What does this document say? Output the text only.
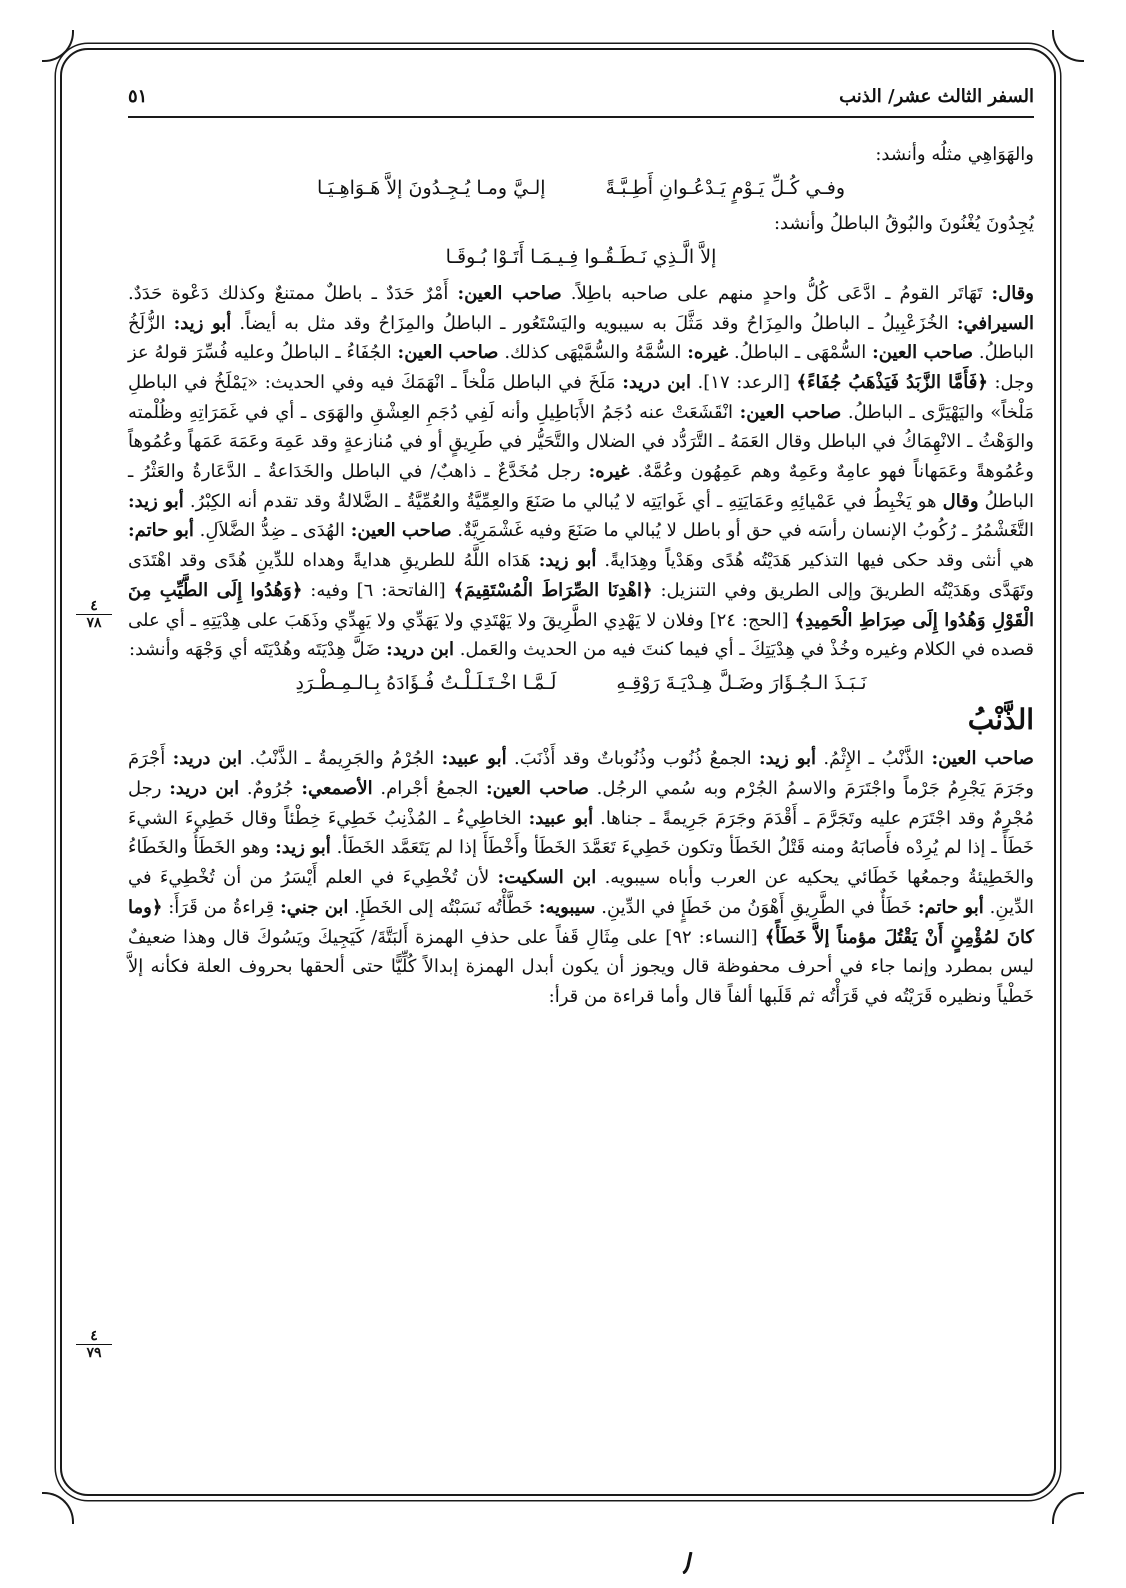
السفر الثالث عشر/ الذنب
٥١
٤
٧٨
٤
٧٩

والهَوَاهِي مثلُه وأنشد:

وفـي كُـلِّ يَـوْمٍ يَـدْعُـوانِ أَطِـبَّـةً
إلـيَّ ومـا يُـجِـدُونَ إلاَّ هَـوَاهِـيَـا

يُجِدُونَ يُغْنُونَ والبُوقُ الباطلُ وأنشد:

إلاَّ الَّـذِي نَـطَـقُـوا فِـيـمَـا أَتَـوْا بُـوقَـا

وقال: تَهَاتَر القومُ ـ ادَّعَى كُلُّ واحدٍ منهم على صاحبه باطِلاً. صاحب العين: أَمْرٌ حَدَدٌ ـ باطلٌ ممتنعٌ وكذلك دَعْوة حَدَدٌ. السيرافي: الخُزَعْبِيلُ ـ الباطلُ والمِزَاحُ وقد مَثَّلَ به سيبويه واليَسْتَعُور ـ الباطلُ والمِزَاحُ وقد مثل به أيضاً. أبو زيد: الزُّلَخُ الباطلُ. صاحب العين: السُّمْهَى ـ الباطلُ. غيره: السُّمَّهُ والسُّمَّيْهَى كذلك. صاحب العين: الجُفَاءُ ـ الباطلُ وعليه فُسِّرَ قولهُ عز وجل: ﴿فَأَمَّا الزَّبَدُ فَيَذْهَبُ جُفَاءً﴾ [الرعد: ١٧]. ابن دريد: مَلَخَ في الباطل مَلْخاً ـ انْهَمَكَ فيه وفي الحديث: «يَمْلَخُ في الباطلِ مَلْخاً» واليَهْيَرَّى ـ الباطلُ. صاحب العين: انْقَشَعَتْ عنه دُجَمُ الأَبَاطِيلِ وأنه لَفِي دُجَمِ العِشْقِ والهَوَى ـ أي في غَمَرَاتِهِ وظُلْمته والوَهْثُ ـ الانْهِمَاكُ في الباطل وقال العَمَهُ ـ التَّرَدُّد في الضلال والتَّحَيُّر في طَرِيقٍ أو في مُنازعةٍ وقد عَمِهَ وعَمَهَ عَمَهاً وعُمُوهاً وعُمُوهةً وعَمَهاناً فهو عامِهٌ وعَمِهٌ وهم عَمِهُون وعُمَّهٌ. غيره: رجل مُخَدَّعٌ ـ ذاهبٌ/ في الباطل والخَدَاعةُ ـ الدَّعَارةُ والعَثْرُ ـ الباطلُ وقال هو يَخْبِطُ في عَمْيائِهِ وعَمَايَتِهِ ـ أي غَوايَتِه لا يُبالي ما صَنَعَ والعِمِّيَّةُ والعُمِّيَّةُ ـ الضَّلالةُ وقد تقدم أنه الكِبْرُ. أبو زيد: التَّغَشْمُرُ ـ رُكُوبُ الإنسان رأسَه في حق أو باطل لا يُبالي ما صَنَعَ وفيه غَشْمَرِيَّةٌ. صاحب العين: الهُدَى ـ ضِدُّ الضَّلاَلِ. أبو حاتم: هي أنثى وقد حكى فيها التذكير هَدَيْتُه هُدًى وهَدْياً وهِدَايةً. أبو زيد: هَدَاه اللَّهُ للطريقِ هدايةً وهداه للدِّينِ هُدًى وقد اهْتَدَى وتَهَدَّى وهَدَيْتُه الطريقَ وإلى الطريق وفي التنزيل: ﴿اهْدِنَا الصِّرَاطَ الْمُسْتَقِيمَ﴾ [الفاتحة: ٦] وفيه: ﴿وَهُدُوا إِلَى الطَّيِّبِ مِنَ الْقَوْلِ وَهُدُوا إِلَى صِرَاطِ الْحَمِيدِ﴾ [الحج: ٢٤] وفلان لا يَهْدِي الطَّرِيقَ ولا يَهْتَدِي ولا يَهَدِّي ولا يَهِدِّي وذَهَبَ على هِدْيَتِهِ ـ أي على قصده في الكلام وغيره وخُذْ في هِدْيَتِكَ ـ أي فيما كنتَ فيه من الحديث والعَمل. ابن دريد: ضَلَّ هِدْيَتَه وهُدْيَتَه أي وَجْهَه وأنشد:

نَـبَـذَ الـجُـؤَارَ وضَـلَّ هِـدْيَـةَ رَوْقِـهِ
لَـمَّـا اخْـتَـلَـلْـتُ فُـؤَادَهُ بِـالـمِـطْـرَدِ
الذَّنْبُ

صاحب العين: الذَّنْبُ ـ الإِثْمُ. أبو زيد: الجمعُ ذُنُوب وذُنُوباتٌ وقد أَذْنَبَ. أبو عبيد: الجُرْمُ والجَرِيمةُ ـ الذَّنْبُ. ابن دريد: أَجْرَمَ وجَرَمَ يَجْرِمُ جَرْماً واجْتَرَمَ والاسمُ الجُرْم وبه سُمي الرجُل. صاحب العين: الجمعُ أجْرام. الأصمعي: جُرُومٌ. ابن دريد: رجل مُجْرِمٌ وقد اجْتَرَم عليه وتَجَرَّمَ ـ أَقْدَمَ وجَرَمَ جَرِيمةً ـ جناها. أبو عبيد: الخاطِيءُ ـ المُذْنِبُ خَطِيءَ خِطْئاً وقال خَطِيءَ الشيءَ خَطَأً ـ إذا لم يُرِدْه فأَصابَهُ ومنه قَتْلُ الخَطَأ وتكون خَطِيءَ تَعَمَّدَ الخَطَأ وأَخْطَأَ إذا لم يَتَعَمَّد الخَطَأ. أبو زيد: وهو الخَطَأُ والخَطَاءُ والخَطِيئةُ وجمعُها خَطَائي يحكيه عن العرب وأباه سيبويه. ابن السكيت: لأن تُخْطِيءَ في العلم أَيْسَرُ من أن تُخْطِيءَ في الدِّينِ. أبو حاتم: خَطَأٌ في الطَّرِيقِ أَهْوَنُ من خَطَإٍ في الدِّينِ. سيبويه: خَطَّأْتُه نَسَبْتُه إلى الخَطَإِ. ابن جني: قِراءةُ من قَرَأَ: ﴿وما كانَ لمُؤْمِنٍ أَنْ يَقْتُلَ مؤمناً إلاَّ خَطَأً﴾ [النساء: ٩٢] على مِثَالِ قَفاً على حذفِ الهمزة أَلبَتَّةَ/ كَيَجِيكَ ويَسُوكَ قال وهذا ضعيفٌ ليس بمطرد وإنما جاء في أحرف محفوظة قال ويجوز أن يكون أبدل الهمزة إبدالاً كُلِّيًّا حتى ألحقها بحروف العلة فكأنه إلاَّ خَطْياً ونظيره قَرَيْتُه في قَرَأْتُه ثم قَلَبها ألفاً قال وأما قراءة من قرأ:
